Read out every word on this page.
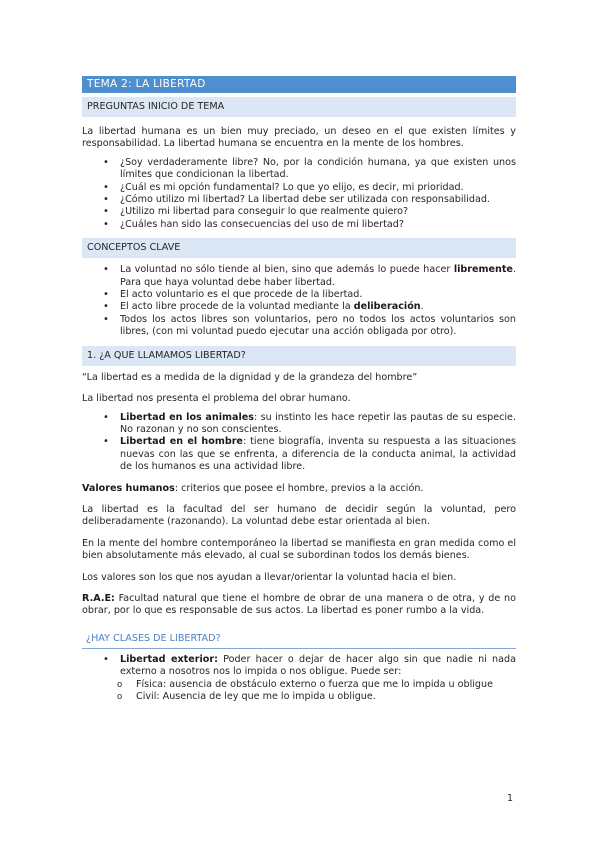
TEMA 2: LA LIBERTAD
PREGUNTAS INICIO DE TEMA

La libertad humana es un bien muy preciado, un deseo en el que existen límites y responsabilidad. La libertad humana se encuentra en la mente de los hombres.

• ¿Soy verdaderamente libre? No, por la condición humana, ya que existen unos límites que condicionan la libertad.
• ¿Cuál es mi opción fundamental? Lo que yo elijo, es decir, mi prioridad.
• ¿Cómo utilizo mi libertad? La libertad debe ser utilizada con responsabilidad.
• ¿Utilizo mi libertad para conseguir lo que realmente quiero?
• ¿Cuáles han sido las consecuencias del uso de mi libertad?
CONCEPTOS CLAVE
• La voluntad no sólo tiende al bien, sino que además lo puede hacer libremente. Para que haya voluntad debe haber libertad.
• El acto voluntario es el que procede de la libertad.
• El acto libre procede de la voluntad mediante la deliberación.
• Todos los actos libres son voluntarios, pero no todos los actos voluntarios son libres, (con mi voluntad puedo ejecutar una acción obligada por otro).
1. ¿A QUE LLAMAMOS LIBERTAD?

“La libertad es a medida de la dignidad y de la grandeza del hombre”

La libertad nos presenta el problema del obrar humano.

• Libertad en los animales: su instinto les hace repetir las pautas de su especie. No razonan y no son conscientes.
• Libertad en el hombre: tiene biografía, inventa su respuesta a las situaciones nuevas con las que se enfrenta, a diferencia de la conducta animal, la actividad de los humanos es una actividad libre.

Valores humanos: criterios que posee el hombre, previos a la acción.

La libertad es la facultad del ser humano de decidir según la voluntad, pero deliberadamente (razonando). La voluntad debe estar orientada al bien.

En la mente del hombre contemporáneo la libertad se manifiesta en gran medida como el bien absolutamente más elevado, al cual se subordinan todos los demás bienes.

Los valores son los que nos ayudan a llevar/orientar la voluntad hacia el bien.

R.A.E: Facultad natural que tiene el hombre de obrar de una manera o de otra, y de no obrar, por lo que es responsable de sus actos. La libertad es poner rumbo a la vida.

¿HAY CLASES DE LIBERTAD?
• Libertad exterior: Poder hacer o dejar de hacer algo sin que nadie ni nada externo a nosotros nos lo impida o nos obligue. Puede ser:
o Física: ausencia de obstáculo externo o fuerza que me lo impida u obligue
o Civil: Ausencia de ley que me lo impida u obligue.
1
